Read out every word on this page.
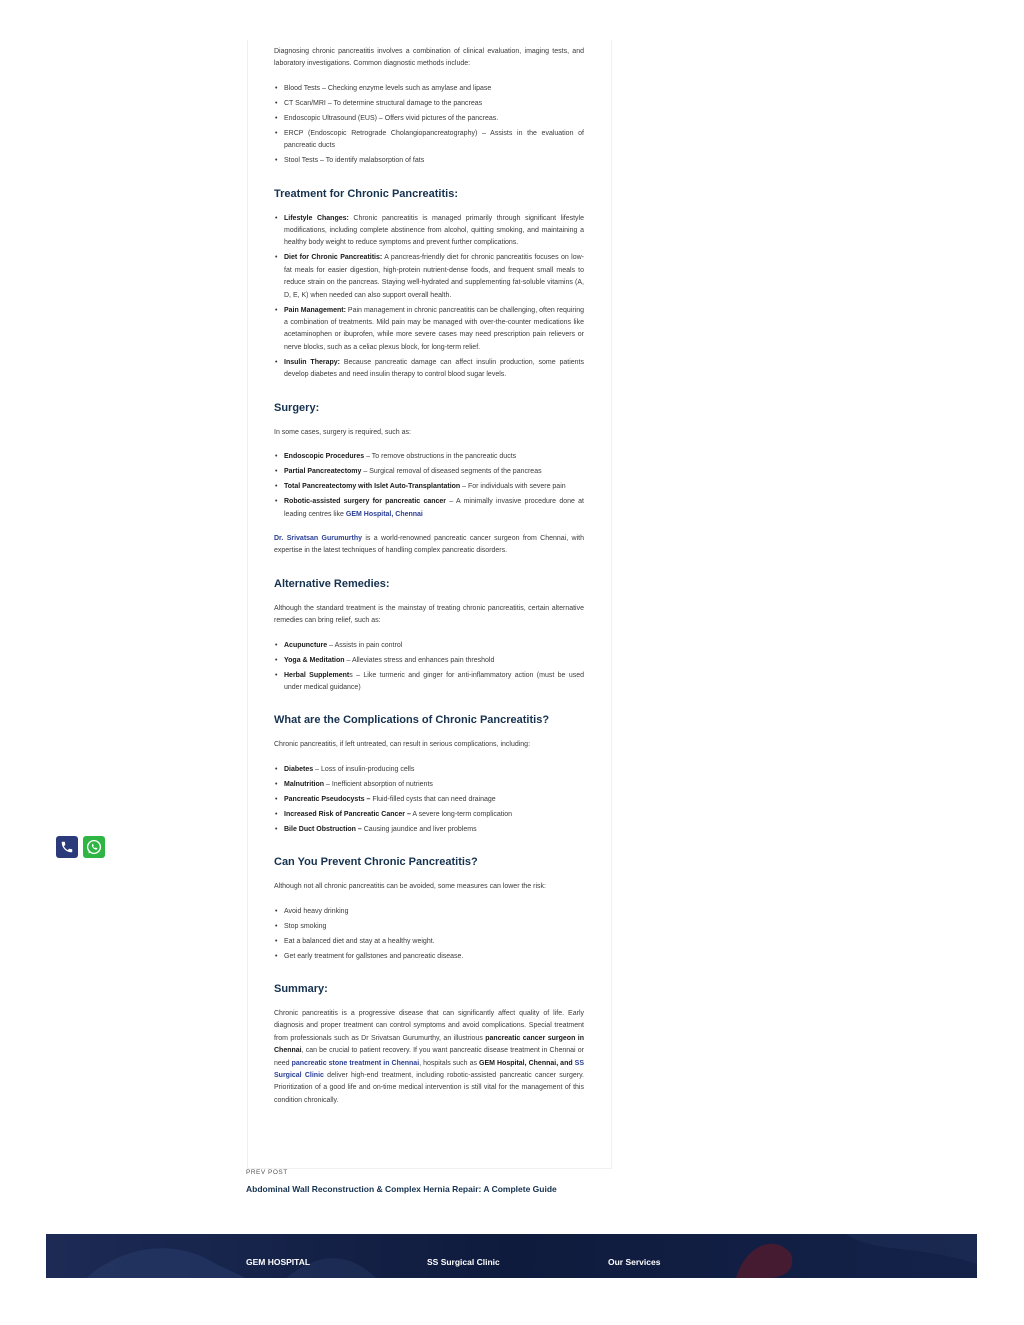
Diagnosing chronic pancreatitis involves a combination of clinical evaluation, imaging tests, and laboratory investigations. Common diagnostic methods include:

• Blood Tests – Checking enzyme levels such as amylase and lipase
• CT Scan/MRI – To determine structural damage to the pancreas
• Endoscopic Ultrasound (EUS) – Offers vivid pictures of the pancreas.
• ERCP (Endoscopic Retrograde Cholangiopancreatography) – Assists in the evaluation of pancreatic ducts
• Stool Tests – To identify malabsorption of fats
Treatment for Chronic Pancreatitis:
• Lifestyle Changes: Chronic pancreatitis is managed primarily through significant lifestyle modifications, including complete abstinence from alcohol, quitting smoking, and maintaining a healthy body weight to reduce symptoms and prevent further complications.
• Diet for Chronic Pancreatitis: A pancreas-friendly diet for chronic pancreatitis focuses on low-fat meals for easier digestion, high-protein nutrient-dense foods, and frequent small meals to reduce strain on the pancreas. Staying well-hydrated and supplementing fat-soluble vitamins (A, D, E, K) when needed can also support overall health.
• Pain Management: Pain management in chronic pancreatitis can be challenging, often requiring a combination of treatments. Mild pain may be managed with over-the-counter medications like acetaminophen or ibuprofen, while more severe cases may need prescription pain relievers or nerve blocks, such as a celiac plexus block, for long-term relief.
• Insulin Therapy: Because pancreatic damage can affect insulin production, some patients develop diabetes and need insulin therapy to control blood sugar levels.
Surgery:

In some cases, surgery is required, such as:

• Endoscopic Procedures – To remove obstructions in the pancreatic ducts
• Partial Pancreatectomy – Surgical removal of diseased segments of the pancreas
• Total Pancreatectomy with Islet Auto-Transplantation – For individuals with severe pain
• Robotic-assisted surgery for pancreatic cancer – A minimally invasive procedure done at leading centres like GEM Hospital, Chennai

Dr. Srivatsan Gurumurthy is a world-renowned pancreatic cancer surgeon from Chennai, with expertise in the latest techniques of handling complex pancreatic disorders.

Alternative Remedies:

Although the standard treatment is the mainstay of treating chronic pancreatitis, certain alternative remedies can bring relief, such as:

• Acupuncture – Assists in pain control
• Yoga & Meditation – Alleviates stress and enhances pain threshold
• Herbal Supplements – Like turmeric and ginger for anti-inflammatory action (must be used under medical guidance)
What are the Complications of Chronic Pancreatitis?

Chronic pancreatitis, if left untreated, can result in serious complications, including:

• Diabetes – Loss of insulin-producing cells
• Malnutrition – Inefficient absorption of nutrients
• Pancreatic Pseudocysts – Fluid-filled cysts that can need drainage
• Increased Risk of Pancreatic Cancer – A severe long-term complication
• Bile Duct Obstruction – Causing jaundice and liver problems
Can You Prevent Chronic Pancreatitis?

Although not all chronic pancreatitis can be avoided, some measures can lower the risk:

• Avoid heavy drinking
• Stop smoking
• Eat a balanced diet and stay at a healthy weight.
• Get early treatment for gallstones and pancreatic disease.
Summary:

Chronic pancreatitis is a progressive disease that can significantly affect quality of life. Early diagnosis and proper treatment can control symptoms and avoid complications. Special treatment from professionals such as Dr Srivatsan Gurumurthy, an illustrious pancreatic cancer surgeon in Chennai, can be crucial to patient recovery. If you want pancreatic disease treatment in Chennai or need pancreatic stone treatment in Chennai, hospitals such as GEM Hospital, Chennai, and SS Surgical Clinic deliver high-end treatment, including robotic-assisted pancreatic cancer surgery. Prioritization of a good life and on-time medical intervention is still vital for the management of this condition chronically.

PREV POST
Abdominal Wall Reconstruction & Complex Hernia Repair: A Complete Guide
GEM HOSPITAL	SS Surgical Clinic	Our Services
